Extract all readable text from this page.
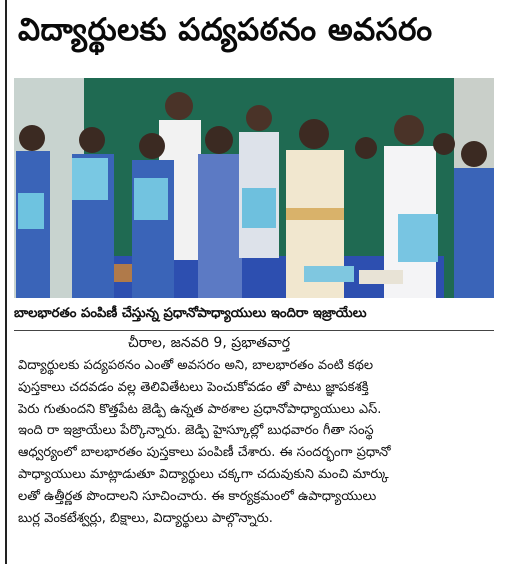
విద్యార్థులకు పద్యపఠనం అవసరం
బాలభారతం పంపిణీ చేస్తున్న ప్రధానోపాధ్యాయులు ఇందిరా ఇజ్రాయేలు
చీరాల, జనవరి 9, ప్రభాతవార్త
విద్యార్థులకు పద్యపఠనం ఎంతో అవసరం అని, బాలభారతం వంటి కథల
పుస్తకాలు చదవడం వల్ల తెలివితేటలు పెంచుకోవడం తో పాటు జ్ఞాపకశక్తి
పెరు గుతుందని కొత్తపేట జెడ్పి ఉన్నత పాఠశాల ప్రధానోపాధ్యాయులు ఎస్.
ఇంది రా ఇజ్రాయేలు పేర్కొన్నారు. జెడ్పి హైస్కూల్లో బుధవారం గీతా సంస్థ
ఆధ్వర్యంలో బాలభారతం పుస్తకాలు పంపిణీ చేశారు. ఈ సందర్భంగా ప్రధానో
పాధ్యాయులు మాట్లాడుతూ విద్యార్థులు చక్కగా చదువుకుని మంచి మార్కు
లతో ఉత్తీర్ణత పొందాలని సూచించారు. ఈ కార్యక్రమంలో ఉపాధ్యాయులు
బుర్ల వెంకటేశ్వర్లు, బిక్షాలు, విద్యార్థులు పాల్గొన్నారు.
